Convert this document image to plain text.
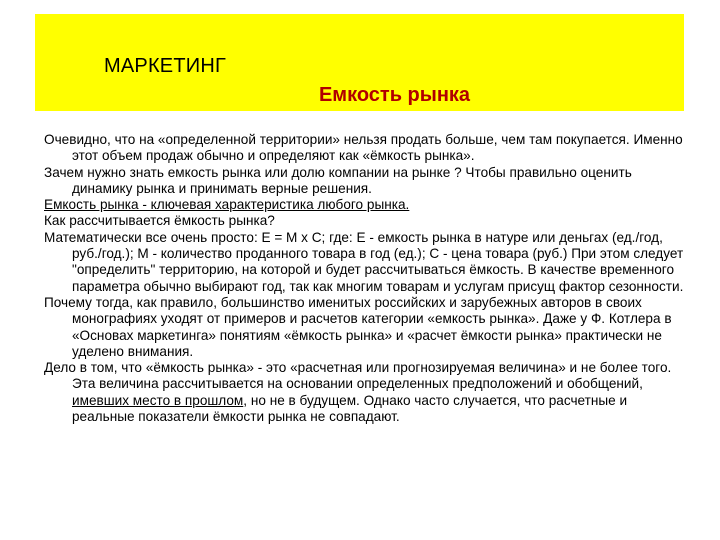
МАРКЕТИНГ
Емкость рынка

Очевидно, что на «определенной территории» нельзя продать больше, чем там покупается. Именно этот объем продаж обычно и определяют как «ёмкость рынка».

Зачем нужно знать емкость рынка или долю компании на рынке ? Чтобы правильно оценить динамику рынка и принимать верные решения.

Емкость рынка - ключевая характеристика любого рынка.

Как рассчитывается ёмкость рынка?

Математически все очень просто: Е = М х С; где: Е - емкость рынка в натуре или деньгах (ед./год, руб./год.); М - количество проданного товара в год (ед.); С - цена товара (руб.) При этом следует "определить" территорию, на которой и будет рассчитываться ёмкость. В качестве временного параметра обычно выбирают год, так как многим товарам и услугам присущ фактор сезонности.

Почему тогда, как правило, большинство именитых российских и зарубежных авторов в своих монографиях уходят от примеров и расчетов категории «емкость рынка». Даже у Ф. Котлера в «Основах маркетинга» понятиям «ёмкость рынка» и «расчет ёмкости рынка» практически не уделено внимания.

Дело в том, что «ёмкость рынка» - это «расчетная или прогнозируемая величина» и не более того. Эта величина рассчитывается на основании определенных предположений и обобщений, имевших место в прошлом, но не в будущем. Однако часто случается, что расчетные и реальные показатели ёмкости рынка не совпадают.
